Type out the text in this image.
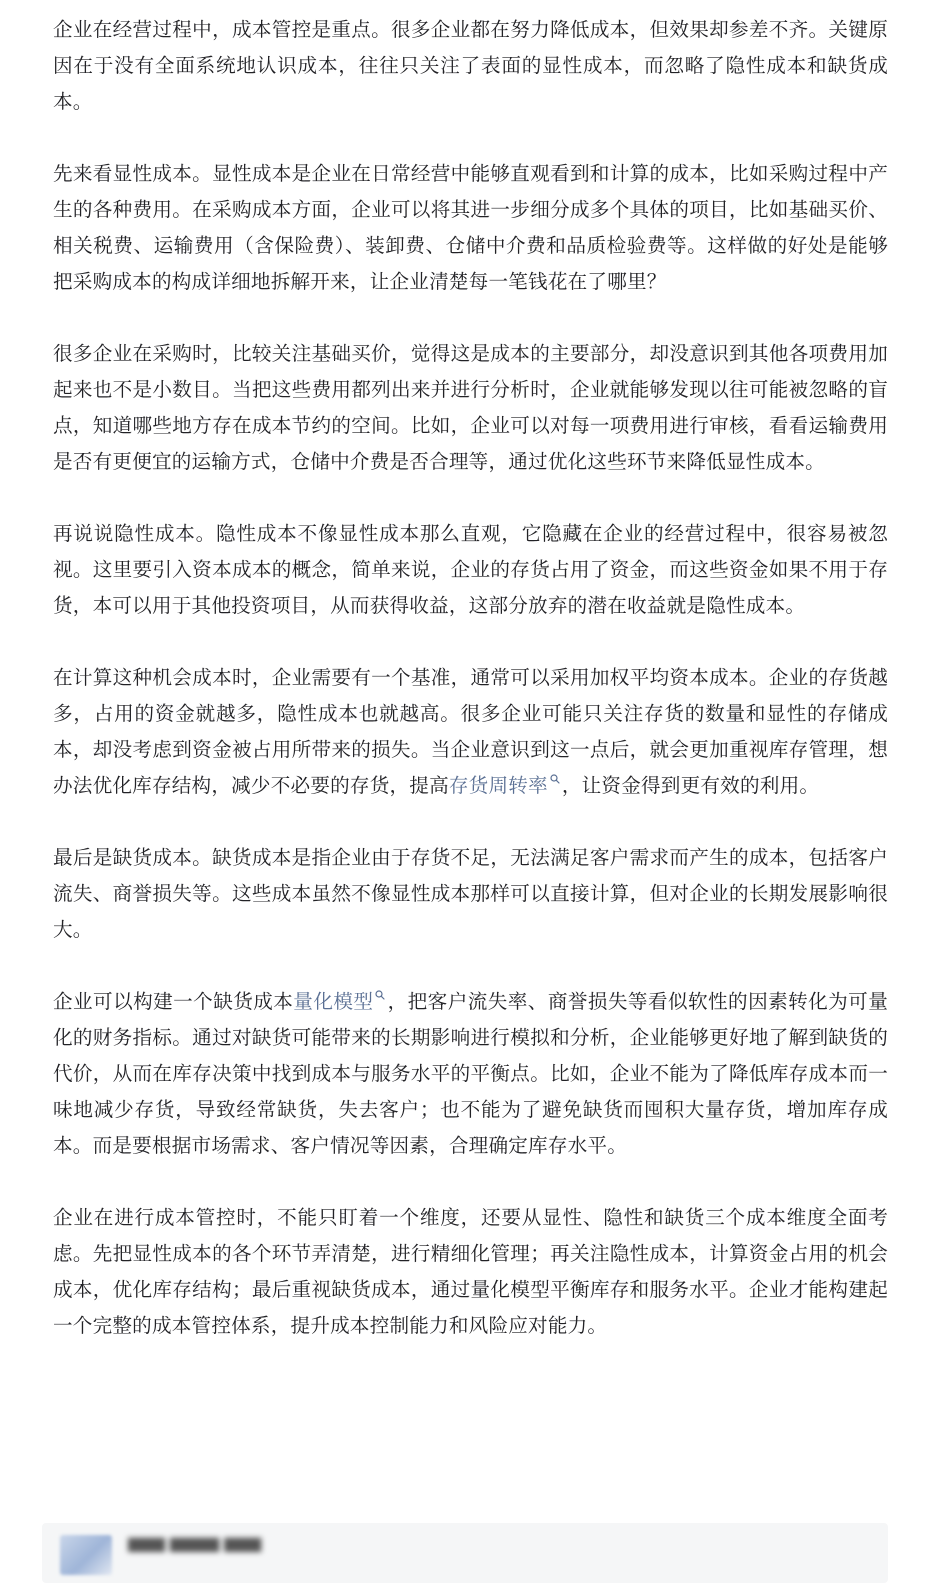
企业在经营过程中，成本管控是重点。很多企业都在努力降低成本，但效果却参差不齐。关键原因在于没有全面系统地认识成本，往往只关注了表面的显性成本，而忽略了隐性成本和缺货成本。

先来看显性成本。显性成本是企业在日常经营中能够直观看到和计算的成本，比如采购过程中产生的各种费用。在采购成本方面，企业可以将其进一步细分成多个具体的项目，比如基础买价、相关税费、运输费用（含保险费）、装卸费、仓储中介费和品质检验费等。这样做的好处是能够把采购成本的构成详细地拆解开来，让企业清楚每一笔钱花在了哪里？

很多企业在采购时，比较关注基础买价，觉得这是成本的主要部分，却没意识到其他各项费用加起来也不是小数目。当把这些费用都列出来并进行分析时，企业就能够发现以往可能被忽略的盲点，知道哪些地方存在成本节约的空间。比如，企业可以对每一项费用进行审核，看看运输费用是否有更便宜的运输方式，仓储中介费是否合理等，通过优化这些环节来降低显性成本。

再说说隐性成本。隐性成本不像显性成本那么直观，它隐藏在企业的经营过程中，很容易被忽视。这里要引入资本成本的概念，简单来说，企业的存货占用了资金，而这些资金如果不用于存货，本可以用于其他投资项目，从而获得收益，这部分放弃的潜在收益就是隐性成本。

在计算这种机会成本时，企业需要有一个基准，通常可以采用加权平均资本成本。企业的存货越多，占用的资金就越多，隐性成本也就越高。很多企业可能只关注存货的数量和显性的存储成本，却没考虑到资金被占用所带来的损失。当企业意识到这一点后，就会更加重视库存管理，想办法优化库存结构，减少不必要的存货，提高存货周转率 ，让资金得到更有效的利用。

最后是缺货成本。缺货成本是指企业由于存货不足，无法满足客户需求而产生的成本，包括客户流失、商誉损失等。这些成本虽然不像显性成本那样可以直接计算，但对企业的长期发展影响很大。

企业可以构建一个缺货成本量化模型 ，把客户流失率、商誉损失等看似软性的因素转化为可量化的财务指标。通过对缺货可能带来的长期影响进行模拟和分析，企业能够更好地了解到缺货的代价，从而在库存决策中找到成本与服务水平的平衡点。比如，企业不能为了降低库存成本而一味地减少存货，导致经常缺货，失去客户；也不能为了避免缺货而囤积大量存货，增加库存成本。而是要根据市场需求、客户情况等因素，合理确定库存水平。

企业在进行成本管控时，不能只盯着一个维度，还要从显性、隐性和缺货三个成本维度全面考虑。先把显性成本的各个环节弄清楚，进行精细化管理；再关注隐性成本，计算资金占用的机会成本，优化库存结构；最后重视缺货成本，通过量化模型平衡库存和服务水平。企业才能构建起一个完整的成本管控体系，提升成本控制能力和风险应对能力。

▆▆▆ ▆▆▆▆ ▆▆▆
